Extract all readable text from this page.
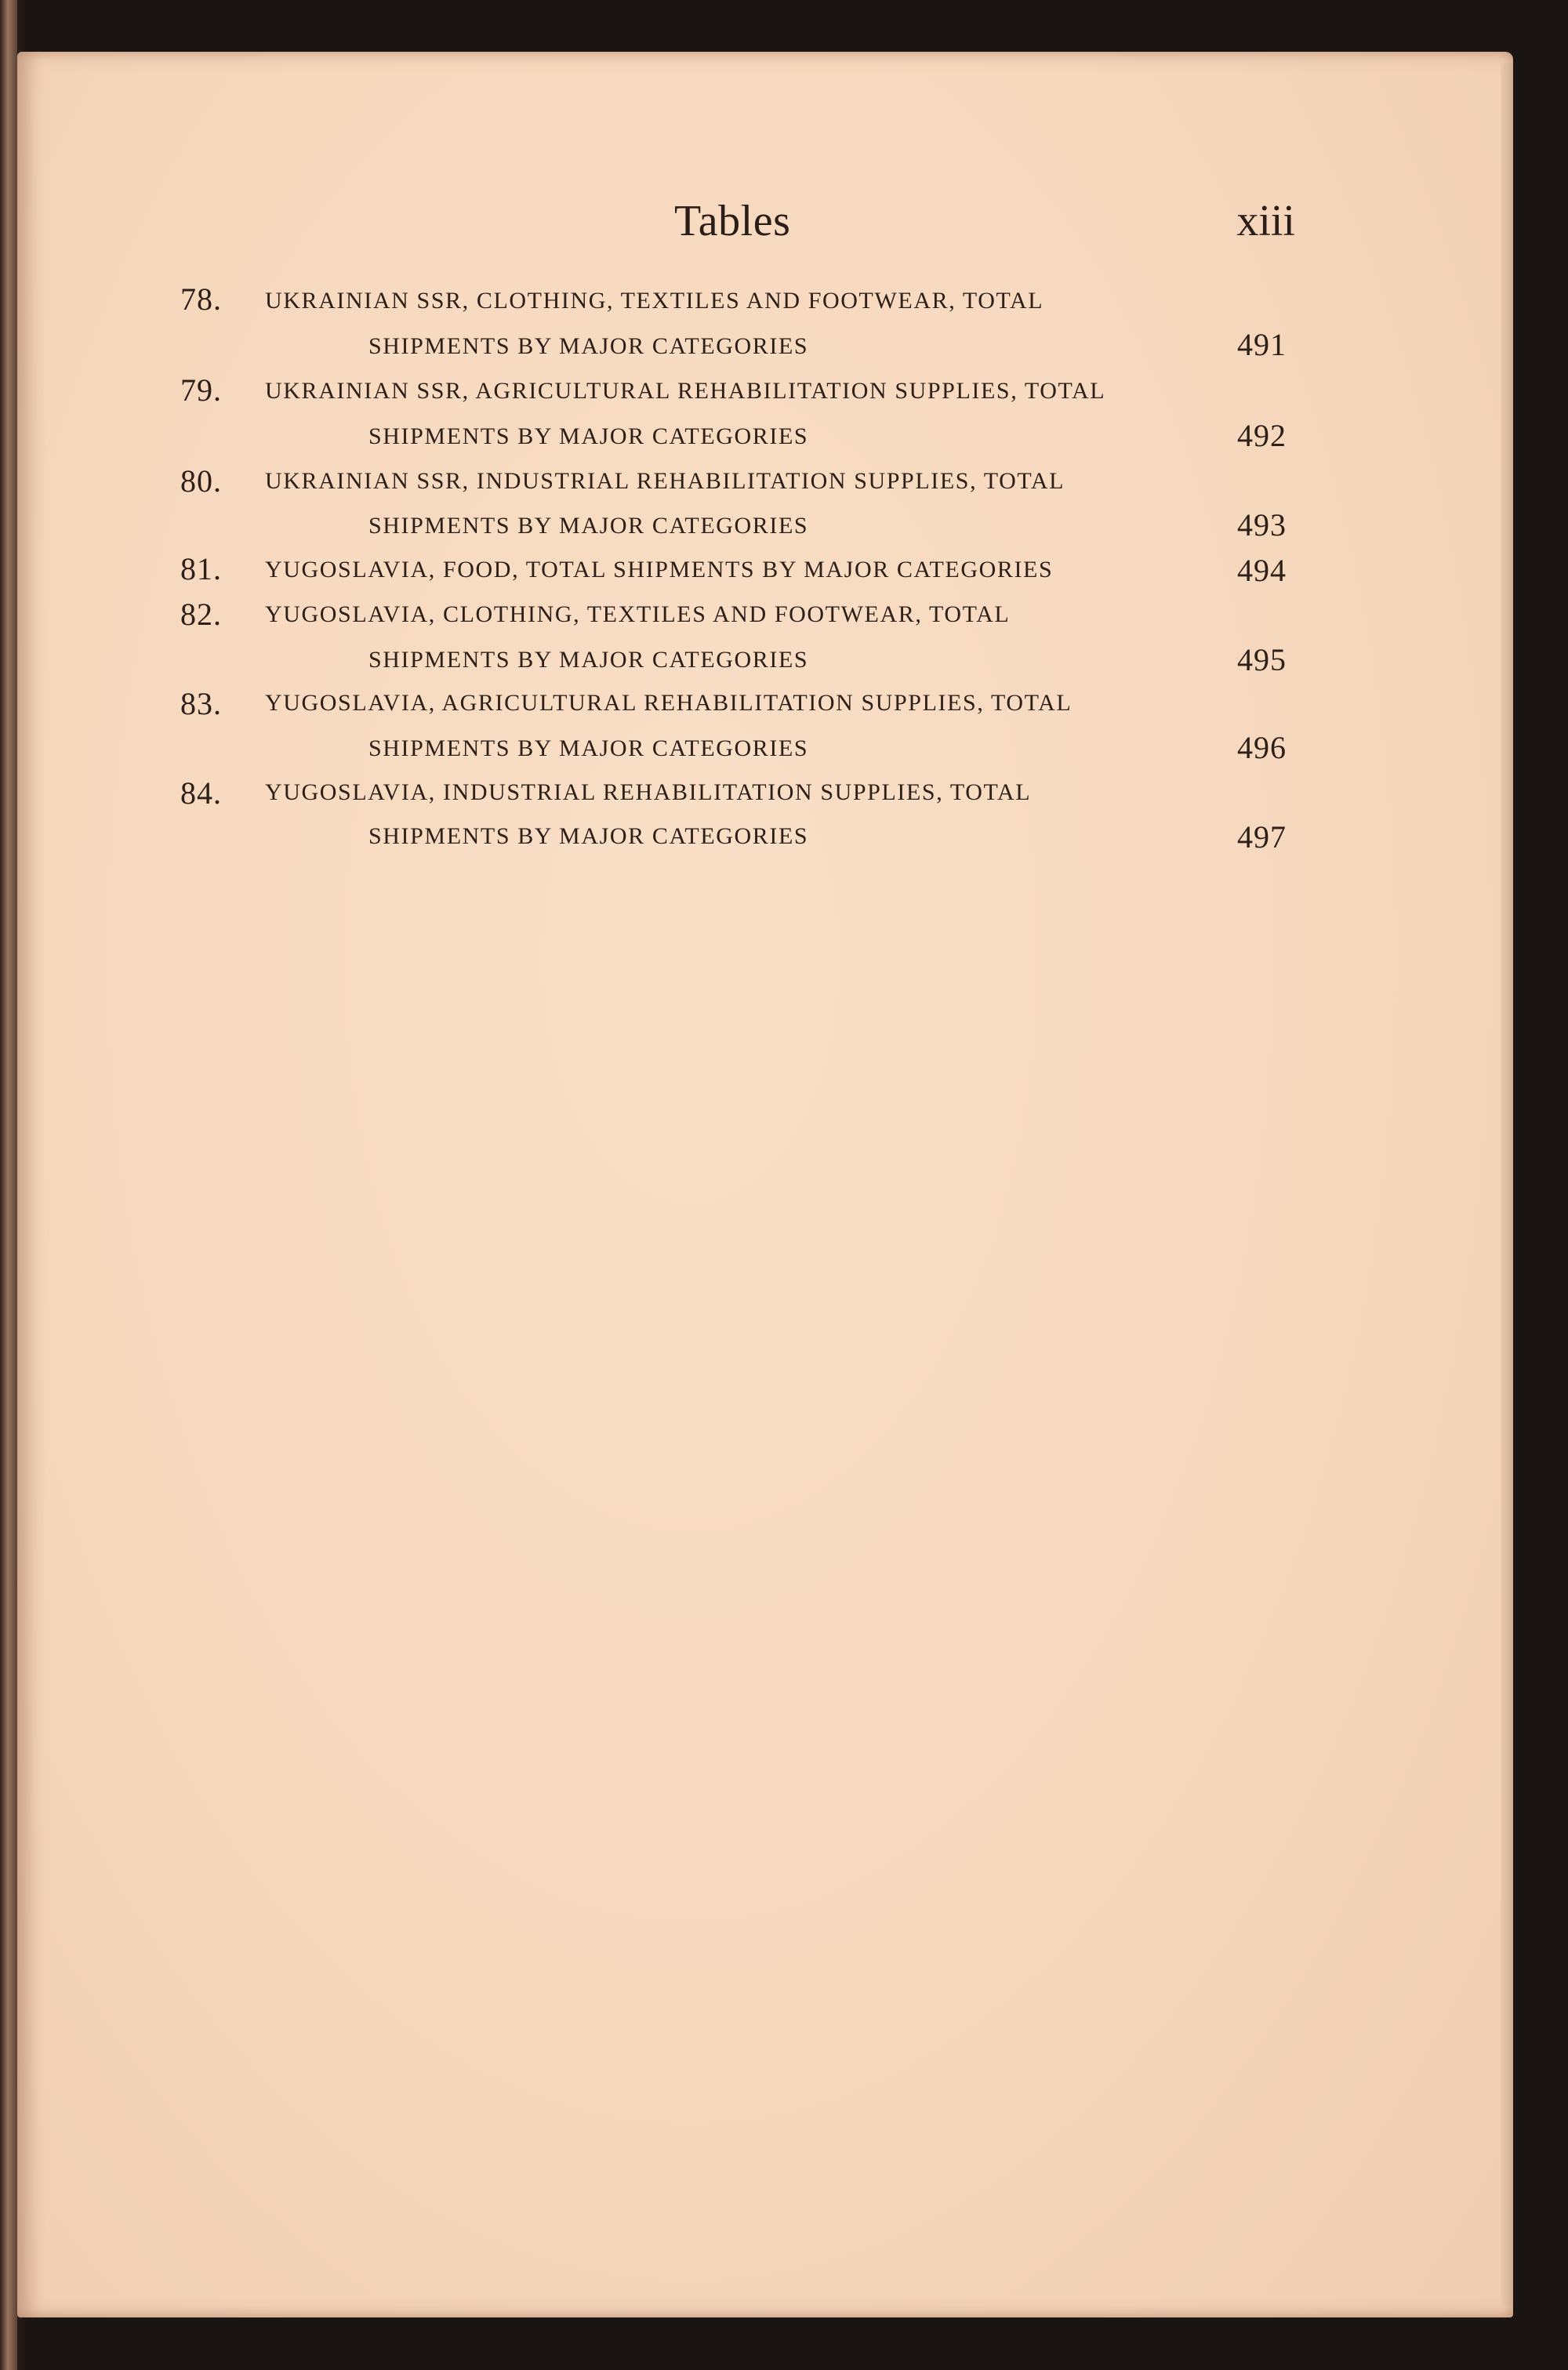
Tables	xiii
78. UKRAINIAN SSR, CLOTHING, TEXTILES AND FOOTWEAR, TOTAL
SHIPMENTS BY MAJOR CATEGORIES	491
79. UKRAINIAN SSR, AGRICULTURAL REHABILITATION SUPPLIES, TOTAL
SHIPMENTS BY MAJOR CATEGORIES	492
80. UKRAINIAN SSR, INDUSTRIAL REHABILITATION SUPPLIES, TOTAL
SHIPMENTS BY MAJOR CATEGORIES	493
81. YUGOSLAVIA, FOOD, TOTAL SHIPMENTS BY MAJOR CATEGORIES	494
82. YUGOSLAVIA, CLOTHING, TEXTILES AND FOOTWEAR, TOTAL
SHIPMENTS BY MAJOR CATEGORIES	495
83. YUGOSLAVIA, AGRICULTURAL REHABILITATION SUPPLIES, TOTAL
SHIPMENTS BY MAJOR CATEGORIES	496
84. YUGOSLAVIA, INDUSTRIAL REHABILITATION SUPPLIES, TOTAL
SHIPMENTS BY MAJOR CATEGORIES	497
